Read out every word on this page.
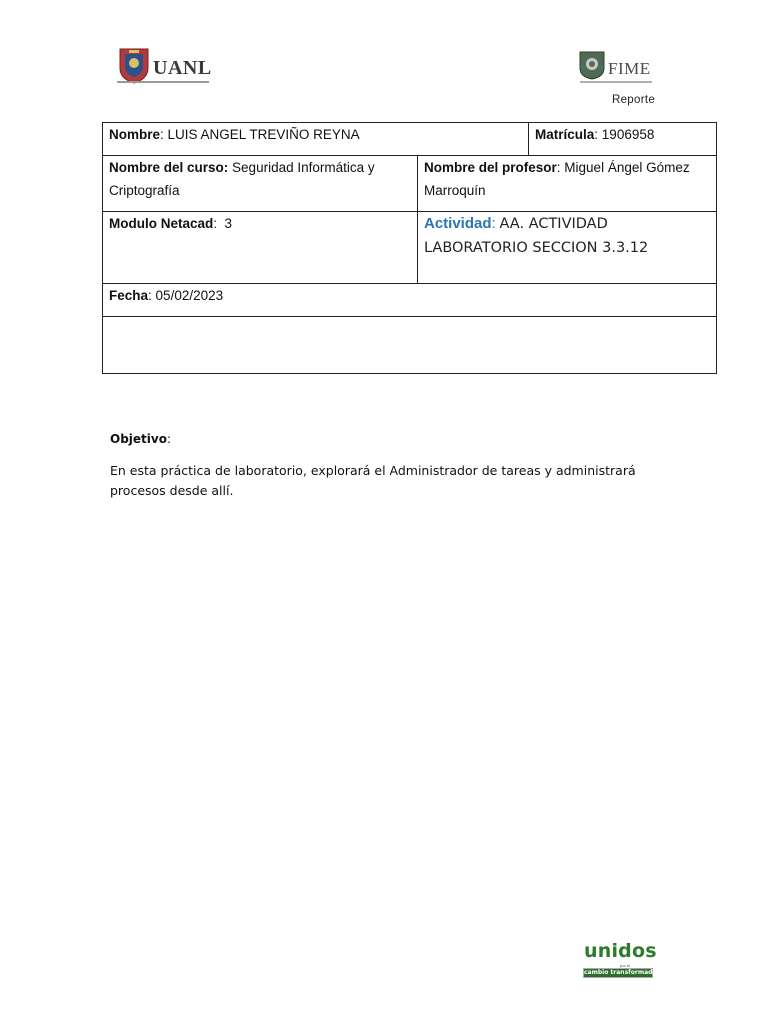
UANL	FIME
Reporte
Nombre: LUIS ANGEL TREVIÑO REYNA		Matrícula: 1906958
Nombre del curso: Seguridad Informática y Criptografía	Nombre del profesor: Miguel Ángel Gómez Marroquín	
Modulo Netacad:  3	Actividad: AA. ACTIVIDAD LABORATORIO SECCION 3.3.12	
Fecha: 05/02/2023		

Objetivo:
En esta práctica de laboratorio, explorará el Administrador de tareas y administrará procesos desde allí.
unidos
por el
cambio transformador
